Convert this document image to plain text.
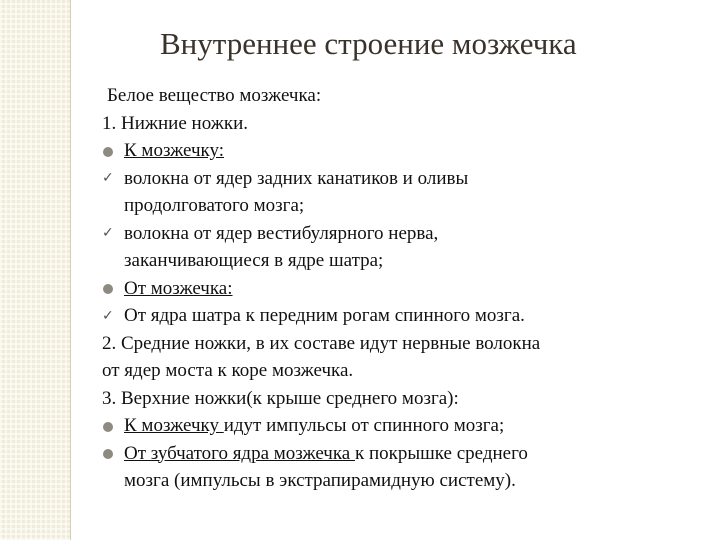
Внутреннее строение мозжечка
Белое вещество мозжечка:
1. Нижние ножки.
К мозжечку:
✓ волокна от ядер задних канатиков и оливы
продолговатого мозга;
✓ волокна от ядер вестибулярного нерва,
заканчивающиеся в ядре шатра;
От мозжечка:
✓ От ядра шатра к передним рогам спинного мозга.
2. Средние ножки, в их составе идут нервные волокна
от ядер моста к коре мозжечка.
3. Верхние ножки(к крыше среднего мозга):
К мозжечку идут импульсы от спинного мозга;
От зубчатого ядра мозжечка к покрышке среднего
мозга (импульсы в экстрапирамидную систему).
